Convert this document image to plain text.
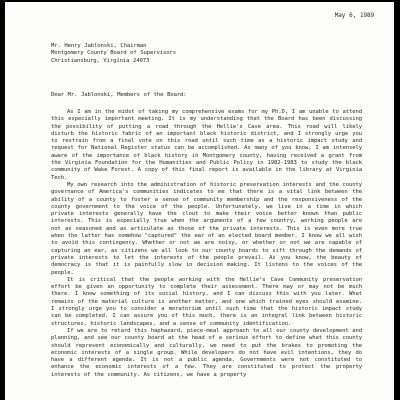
May 6, 1989
Mr. Henry Jablonski, Chairman
Montgomery County Board of Supervisors
Christiansburg, Virginia 24073
Dear Mr. Jablonski, Members of the Board:

As I am in the midst of taking my comprehensive exams for my Ph.D, I am unable to attend this especially important meeting. It is my understanding that the Board has been discussing the possibility of putting a road through the Hellie's Cave area. This road will likely disturb the historic fabric of an important black historic district, and I strongly urge you to restrain from a final vote on this road until such time as a historic impact study and request for National Register status can be accomplished. As many of you know, I am intensely aware of the importance of black history in Montgomery county, having received a grant from the Virginia Foundation for the Humanities and Public Policy in 1982-1983 to study the black community of Wake Forest. A copy of this final report is available in the library at Virginia Tech.

My own research into the administration of historic preservation interests and the county governance of America's communities indicates to me that there is a vital link between the ability of a county to foster a sense of community membership and the responsiveness of the county government to the voice of the people. Unfortunately, we live in a time in which private interests generally have the clout to make their voice better known than public interests. This is especially true when the arguments of a few country, working people are not as seasoned and as articulate as those of the private interests. This is even more true when the latter has somehow "captured" the ear of an elected board member. I know we all wish to avoid this contingency. Whether or not we are noisy, or whether or not we are capable of capturing an ear, as citizens we all look to our county boards to sift through the demands of private interests to let the interests of the people prevail. As you know, the beauty of democracy is that it is painfully slow in decision making. It listens to the voices of the people.

It is critical that the people working with the Hellie's Cave Community preservation effort be given an opportunity to complete their assessment. There may or may not be much there. I know something of its social history, and I can discuss this with you later. What remains of the material culture is another matter, and one which trained eyes should examine. I strongly urge you to consider a moratorium until such time that the historic impact study can be completed. I can assure you of this much, there is an integral link between historic structures, historic landscapes, and a sense of community identification.

If we are to retard this haphazard, piece-meal approach to all our county development and planning, and see our county board at the head of a serious effort to define what this county should represent economically and culturally, we need to put the brakes to promoting the economic interests of a single group. While developers do not have evil intentions, they do have a different agenda. It is not a public agenda. Governments were not constituted to enhance the economic interests of a few. They are constituted to protect the property interests of the community. As citizens, we have a property
